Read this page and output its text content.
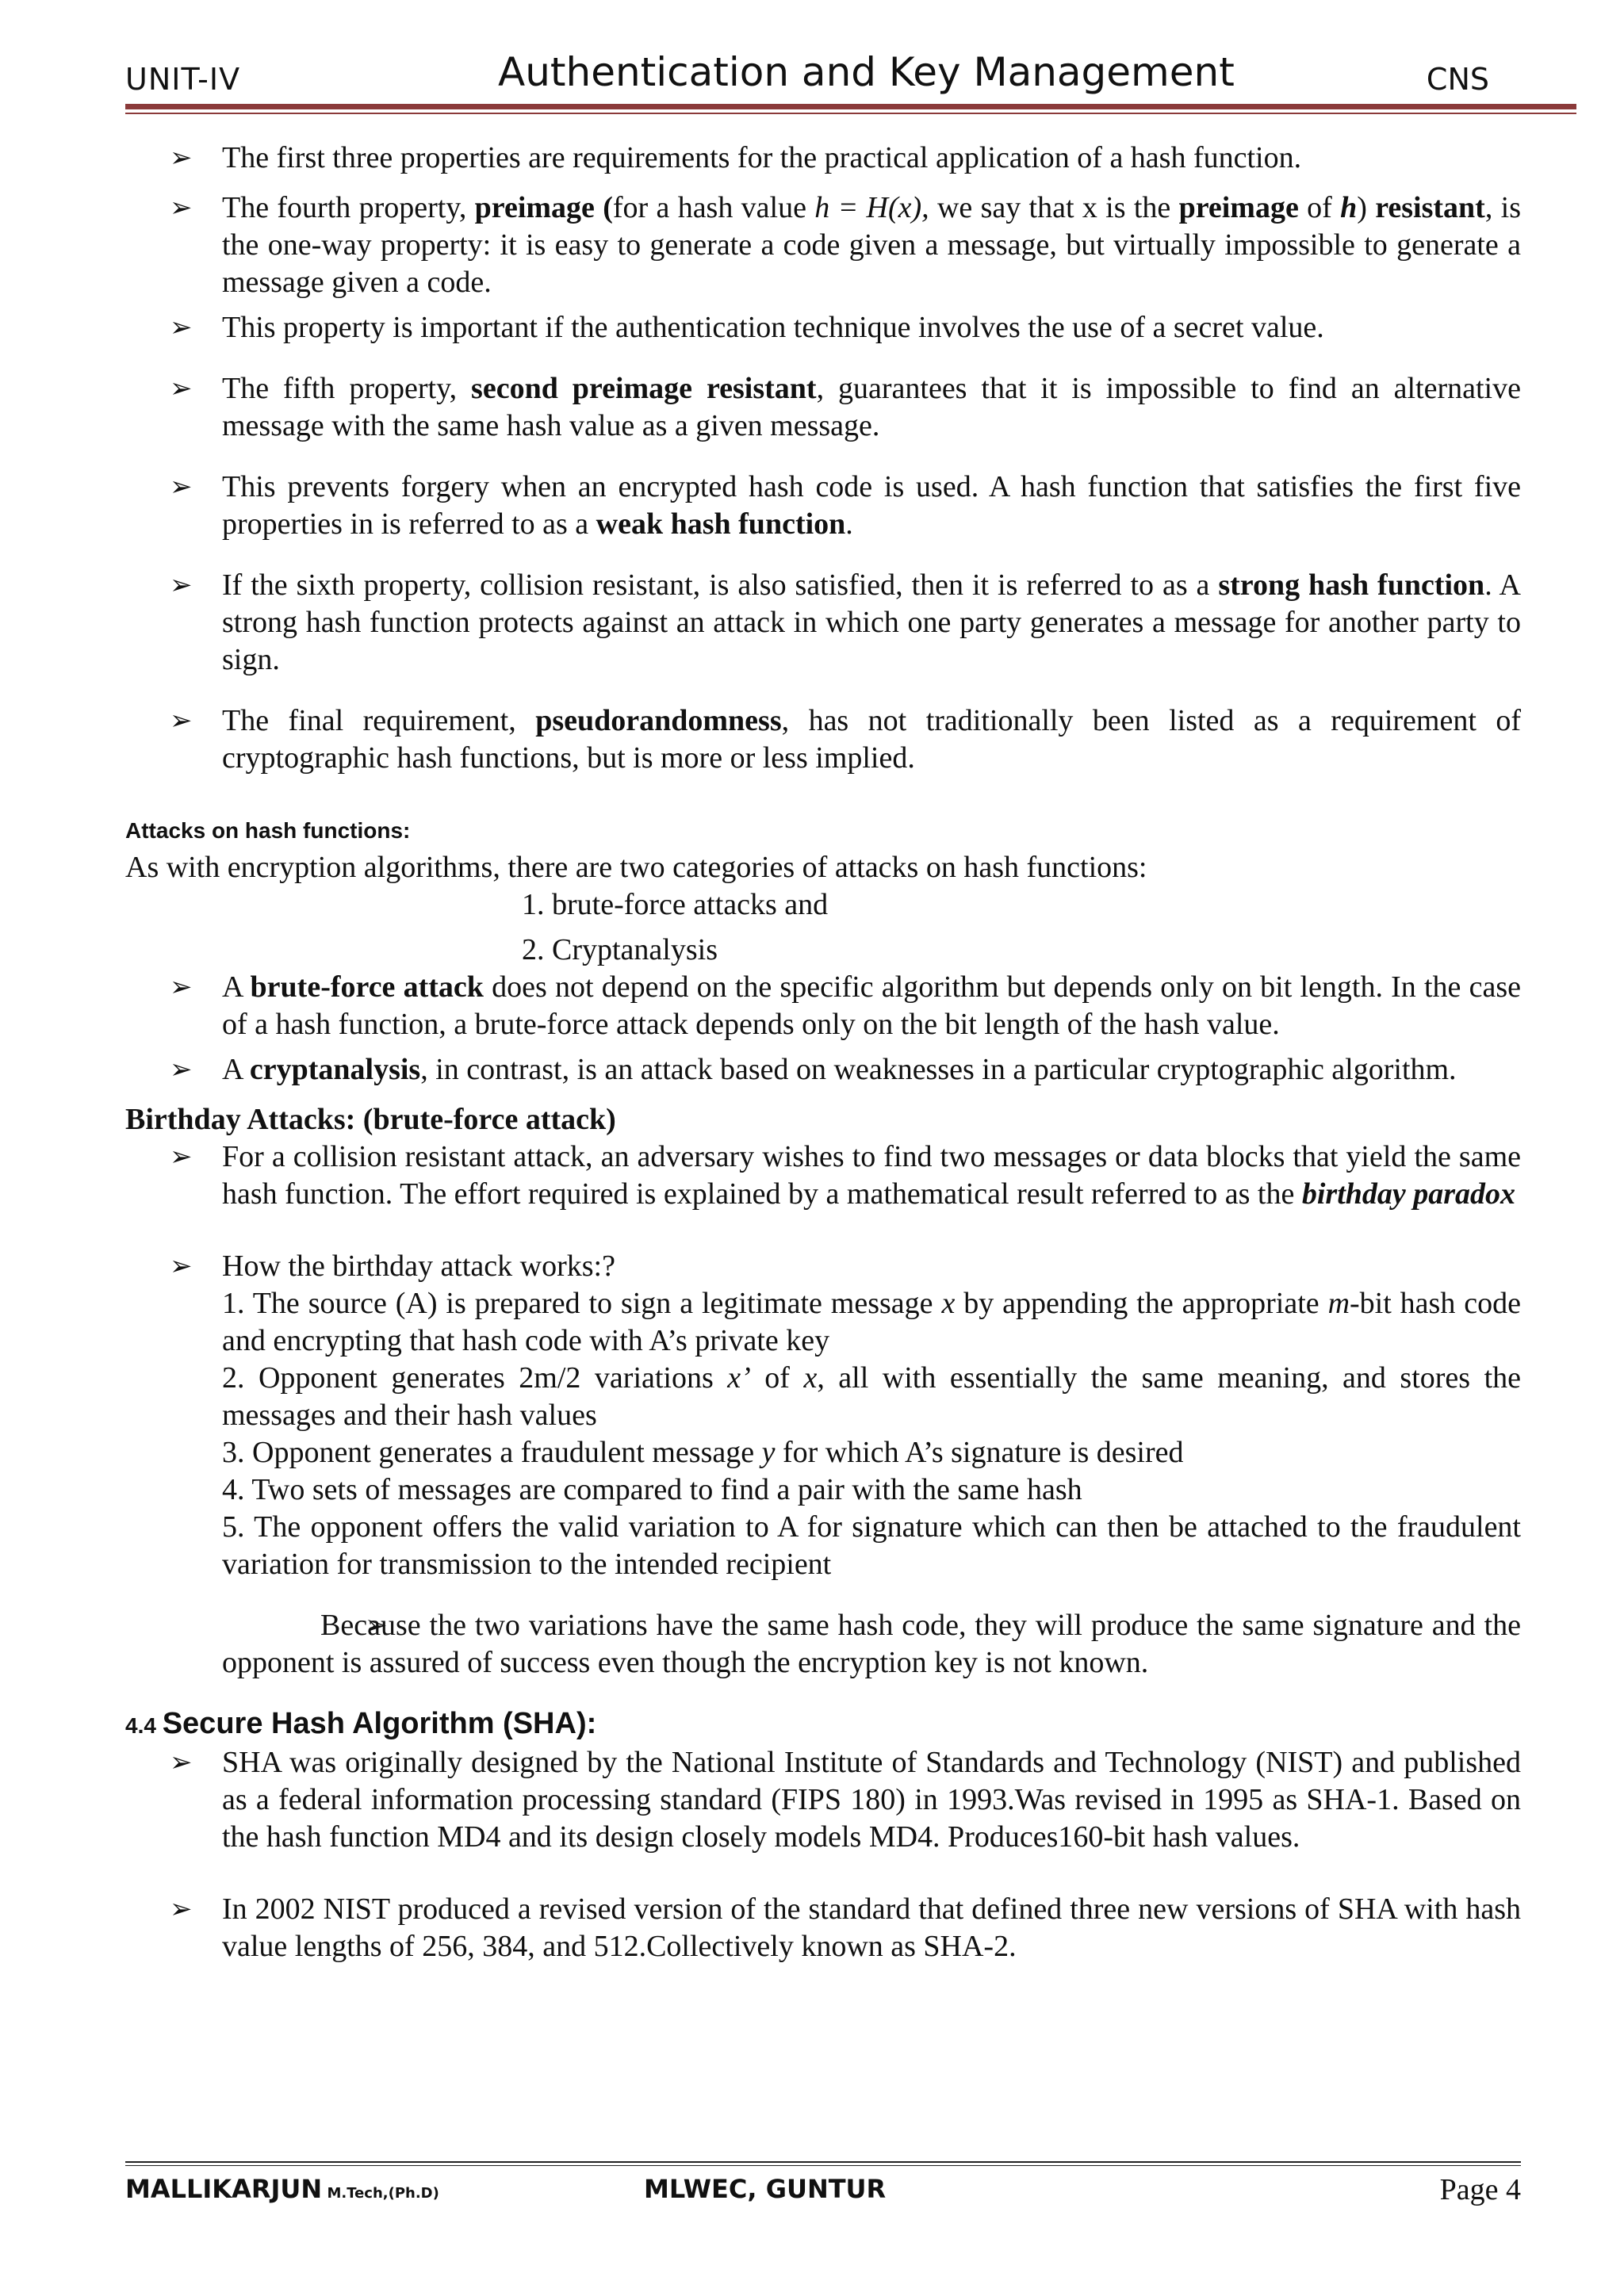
UNIT-IV	Authentication and Key Management	CNS

➢ The first three properties are requirements for the practical application of a hash function.

➢ The fourth property, preimage (for a hash value h = H(x), we say that x is the preimage of h) resistant, is the one-way property: it is easy to generate a code given a message, but virtually impossible to generate a message given a code.

➢ This property is important if the authentication technique involves the use of a secret value.

➢ The fifth property, second preimage resistant, guarantees that it is impossible to find an alternative message with the same hash value as a given message.

➢ This prevents forgery when an encrypted hash code is used. A hash function that satisfies the first five properties in is referred to as a weak hash function.

➢ If the sixth property, collision resistant, is also satisfied, then it is referred to as a strong hash function. A strong hash function protects against an attack in which one party generates a message for another party to sign.

➢ The final requirement, pseudorandomness, has not traditionally been listed as a requirement of cryptographic hash functions, but is more or less implied.

Attacks on hash functions:

As with encryption algorithms, there are two categories of attacks on hash functions:

1. brute-force attacks and

2. Cryptanalysis

➢ A brute-force attack does not depend on the specific algorithm but depends only on bit length. In the case of a hash function, a brute-force attack depends only on the bit length of the hash value.

➢ A cryptanalysis, in contrast, is an attack based on weaknesses in a particular cryptographic algorithm.

Birthday Attacks: (brute-force attack)

➢ For a collision resistant attack, an adversary wishes to find two messages or data blocks that yield the same hash function. The effort required is explained by a mathematical result referred to as the birthday paradox

➢ How the birthday attack works:?

1. The source (A) is prepared to sign a legitimate message x by appending the appropriate m-bit hash code and encrypting that hash code with A’s private key

2. Opponent generates 2m/2 variations x’ of x, all with essentially the same meaning, and stores the messages and their hash values

3. Opponent generates a fraudulent message y for which A’s signature is desired

4. Two sets of messages are compared to find a pair with the same hash

5. The opponent offers the valid variation to A for signature which can then be attached to the fraudulent variation for transmission to the intended recipient

➢ Because the two variations have the same hash code, they will produce the same signature and the opponent is assured of success even though the encryption key is not known.

4.4 Secure Hash Algorithm (SHA):

➢ SHA was originally designed by the National Institute of Standards and Technology (NIST) and published as a federal information processing standard (FIPS 180) in 1993.Was revised in 1995 as SHA-1. Based on the hash function MD4 and its design closely models MD4. Produces160-bit hash values.

➢ In 2002 NIST produced a revised version of the standard that defined three new versions of SHA with hash value lengths of 256, 384, and 512.Collectively known as SHA-2.

MALLIKARJUN M.Tech,(Ph.D)	MLWEC, GUNTUR	Page 4
